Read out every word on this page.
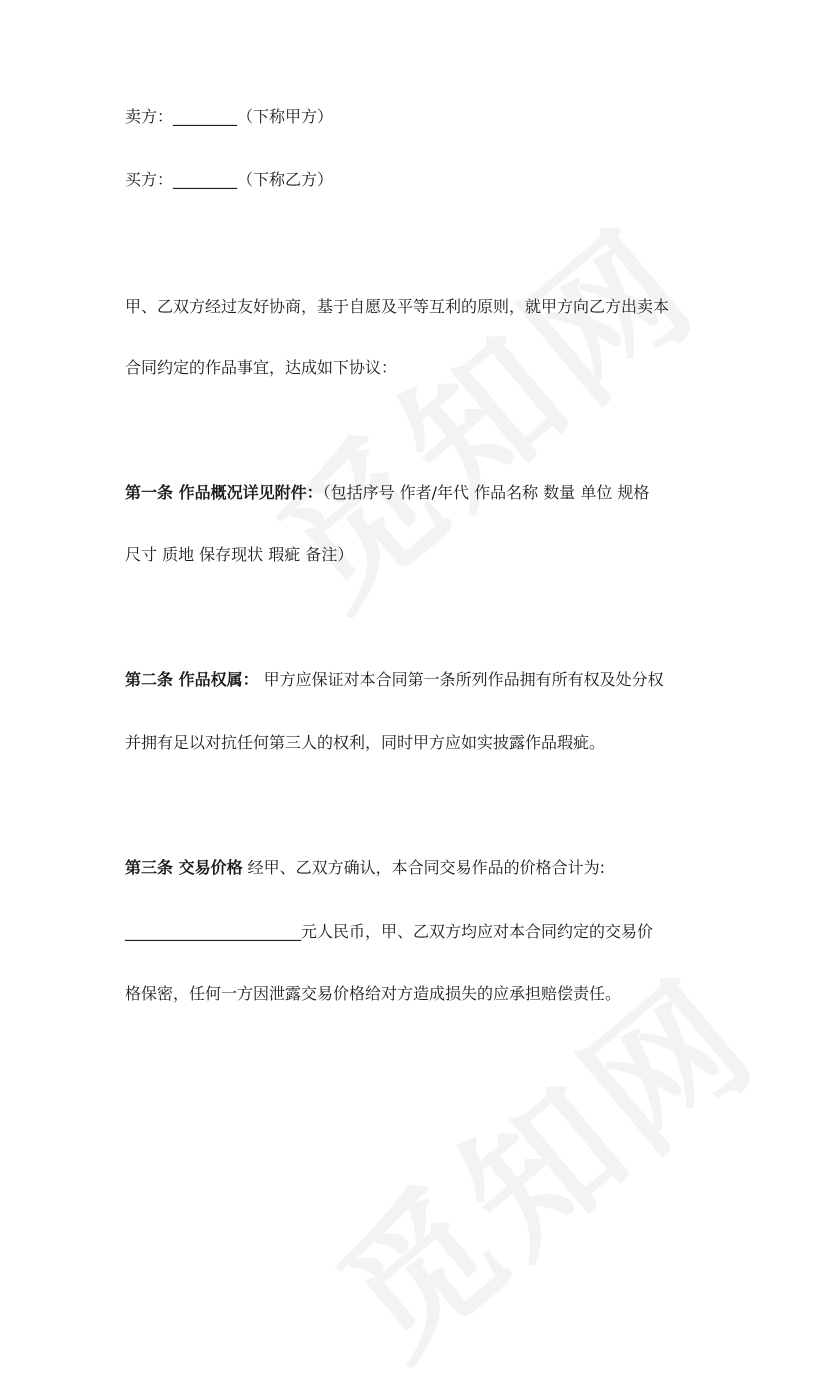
卖方：________（下称甲方）
买方：________（下称乙方）
甲、乙双方经过友好协商，基于自愿及平等互利的原则，就甲方向乙方出卖本
合同约定的作品事宜，达成如下协议：
第一条 作品概况详见附件：（包括序号 作者/年代 作品名称 数量 单位 规格
尺寸 质地 保存现状 瑕疵 备注）
第二条 作品权属： 甲方应保证对本合同第一条所列作品拥有所有权及处分权
并拥有足以对抗任何第三人的权利，同时甲方应如实披露作品瑕疵。
第三条 交易价格 经甲、乙双方确认，本合同交易作品的价格合计为:
______________________元人民币，甲、乙双方均应对本合同约定的交易价
格保密，任何一方因泄露交易价格给对方造成损失的应承担赔偿责任。
